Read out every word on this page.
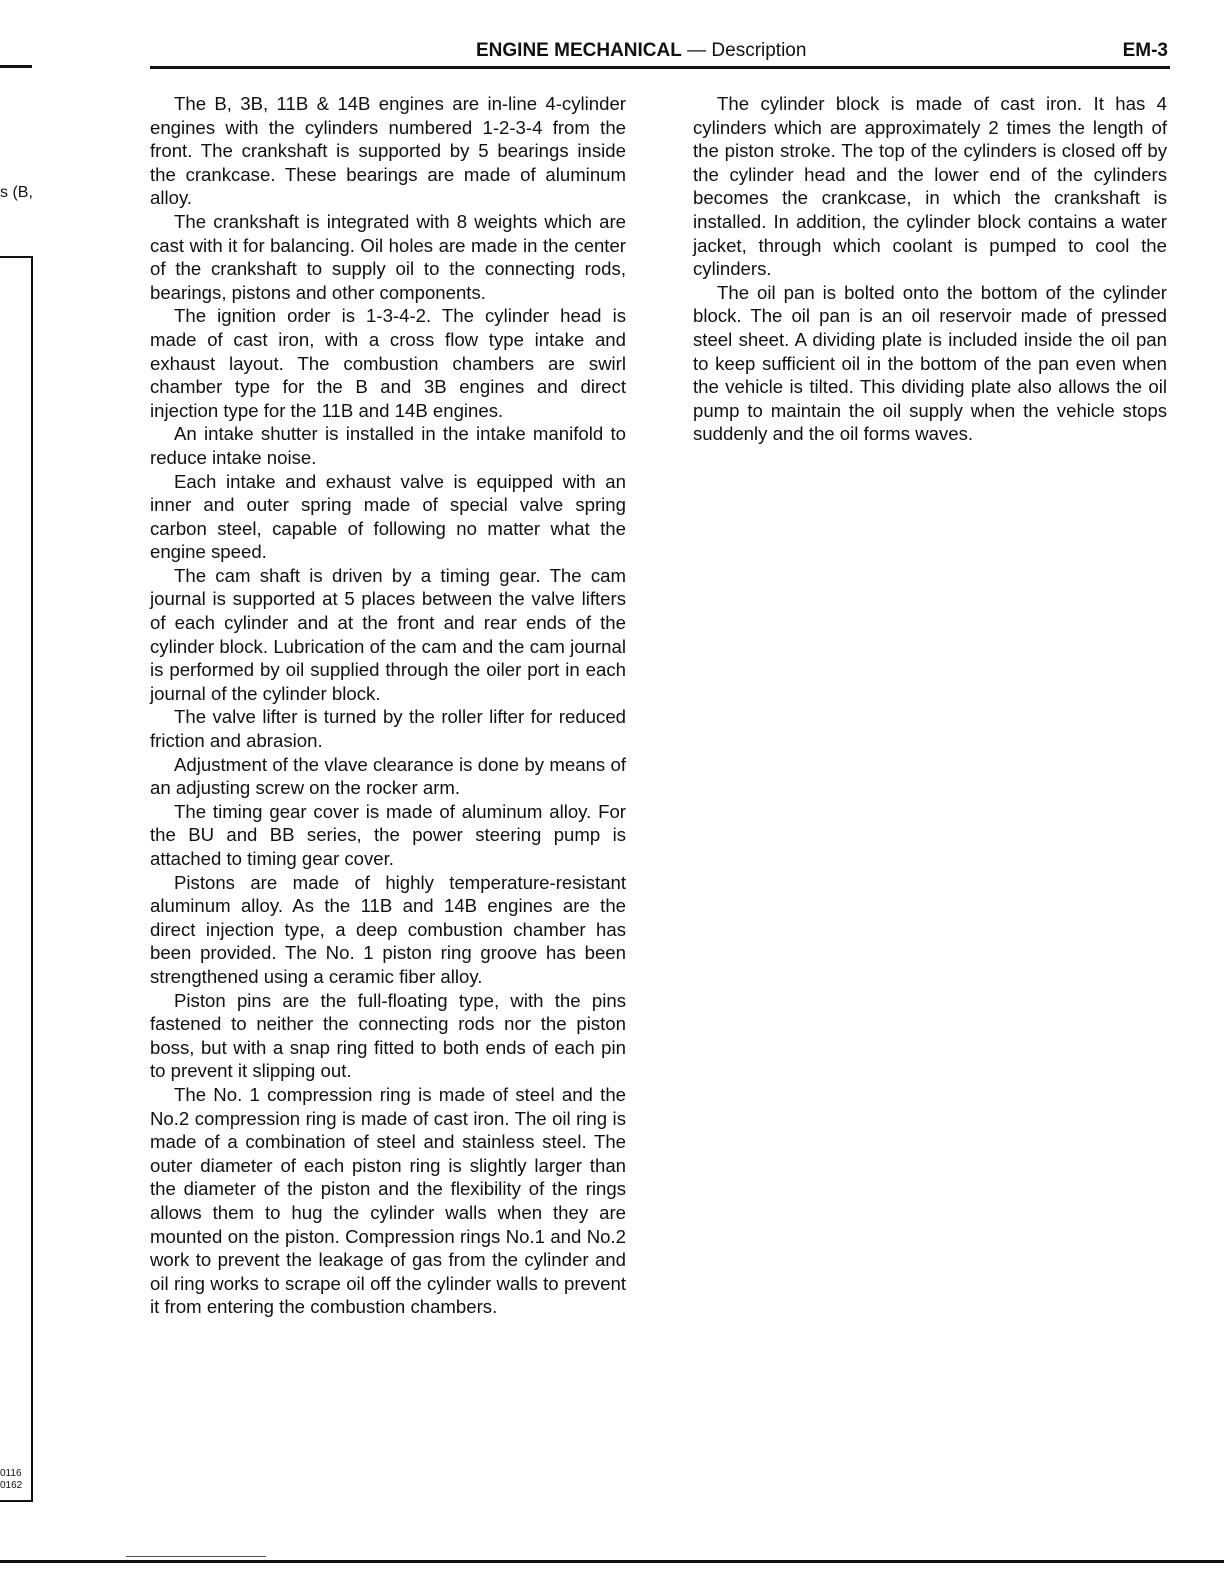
s (B,
0116
0162
ENGINE MECHANICAL — Description	EM-3

The B, 3B, 11B & 14B engines are in-line 4-cylinder engines with the cylinders numbered 1-2-3-4 from the front. The crankshaft is supported by 5 bearings inside the crankcase. These bearings are made of aluminum alloy.

The crankshaft is integrated with 8 weights which are cast with it for balancing. Oil holes are made in the center of the crankshaft to supply oil to the connecting rods, bearings, pistons and other components.

The ignition order is 1-3-4-2. The cylinder head is made of cast iron, with a cross flow type intake and exhaust layout. The combustion chambers are swirl chamber type for the B and 3B engines and direct injection type for the 11B and 14B engines.

An intake shutter is installed in the intake manifold to reduce intake noise.

Each intake and exhaust valve is equipped with an inner and outer spring made of special valve spring carbon steel, capable of following no matter what the engine speed.

The cam shaft is driven by a timing gear. The cam journal is supported at 5 places between the valve lifters of each cylinder and at the front and rear ends of the cylinder block. Lubrication of the cam and the cam journal is performed by oil supplied through the oiler port in each journal of the cylinder block.

The valve lifter is turned by the roller lifter for reduced friction and abrasion.

Adjustment of the vlave clearance is done by means of an adjusting screw on the rocker arm.

The timing gear cover is made of aluminum alloy. For the BU and BB series, the power steering pump is attached to timing gear cover.

Pistons are made of highly temperature-resistant aluminum alloy. As the 11B and 14B engines are the direct injection type, a deep combustion chamber has been provided. The No. 1 piston ring groove has been strengthened using a ceramic fiber alloy.

Piston pins are the full-floating type, with the pins fastened to neither the connecting rods nor the piston boss, but with a snap ring fitted to both ends of each pin to prevent it slipping out.

The No. 1 compression ring is made of steel and the No.2 compression ring is made of cast iron. The oil ring is made of a combination of steel and stainless steel. The outer diameter of each piston ring is slightly larger than the diameter of the piston and the flexibility of the rings allows them to hug the cylinder walls when they are mounted on the piston. Compression rings No.1 and No.2 work to prevent the leakage of gas from the cylinder and oil ring works to scrape oil off the cylinder walls to prevent it from entering the combustion chambers.

The cylinder block is made of cast iron. It has 4 cylinders which are approximately 2 times the length of the piston stroke. The top of the cylinders is closed off by the cylinder head and the lower end of the cylinders becomes the crankcase, in which the crankshaft is installed. In addition, the cylinder block contains a water jacket, through which coolant is pumped to cool the cylinders.

The oil pan is bolted onto the bottom of the cylinder block. The oil pan is an oil reservoir made of pressed steel sheet. A dividing plate is included inside the oil pan to keep sufficient oil in the bottom of the pan even when the vehicle is tilted. This dividing plate also allows the oil pump to maintain the oil supply when the vehicle stops suddenly and the oil forms waves.
